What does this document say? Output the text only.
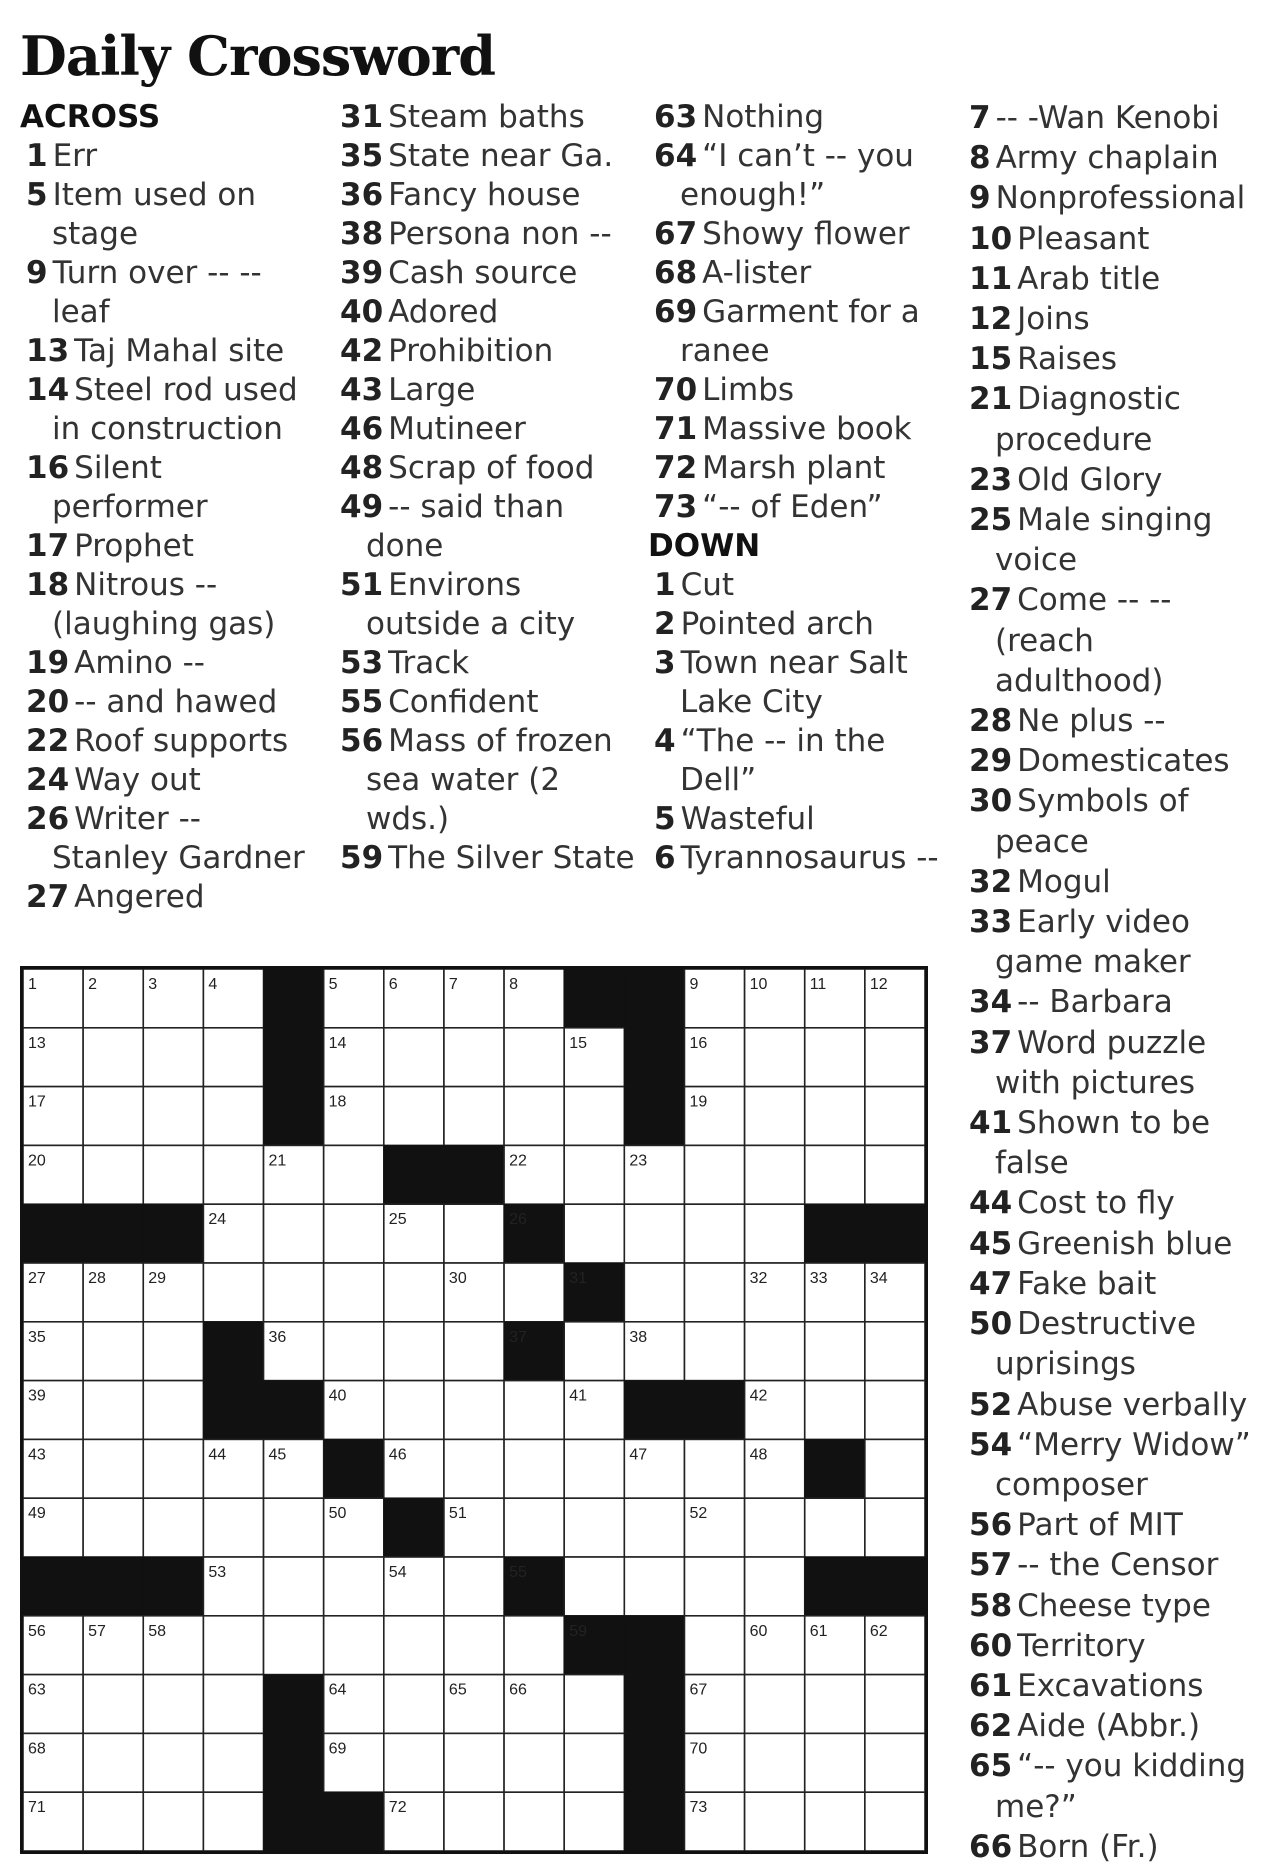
Daily Crossword
ACROSS
1 Err
5 Item used on stage
9 Turn over -- -- leaf
13 Taj Mahal site
14 Steel rod used in construction
16 Silent performer
17 Prophet
18 Nitrous -- (laughing gas)
19 Amino --
20 -- and hawed
22 Roof supports
24 Way out
26 Writer -- Stanley Gardner
27 Angered
31 Steam baths
35 State near Ga.
36 Fancy house
38 Persona non --
39 Cash source
40 Adored
42 Prohibition
43 Large
46 Mutineer
48 Scrap of food
49 -- said than done
51 Environs outside a city
53 Track
55 Confident
56 Mass of frozen sea water (2 wds.)
59 The Silver State
63 Nothing
64 “I can’t -- you enough!”
67 Showy flower
68 A-lister
69 Garment for a ranee
70 Limbs
71 Massive book
72 Marsh plant
73 “-- of Eden”
DOWN
1 Cut
2 Pointed arch
3 Town near Salt Lake City
4 “The -- in the Dell”
5 Wasteful
6 Tyrannosaurus --
7 -- -Wan Kenobi
8 Army chaplain
9 Nonprofessional
10 Pleasant
11 Arab title
12 Joins
15 Raises
21 Diagnostic procedure
23 Old Glory
25 Male singing voice
27 Come -- -- (reach adulthood)
28 Ne plus --
29 Domesticates
30 Symbols of peace
32 Mogul
33 Early video game maker
34 -- Barbara
37 Word puzzle with pictures
41 Shown to be false
44 Cost to fly
45 Greenish blue
47 Fake bait
50 Destructive uprisings
52 Abuse verbally
54 “Merry Widow” composer
56 Part of MIT
57 -- the Censor
58 Cheese type
60 Territory
61 Excavations
62 Aide (Abbr.)
65 “-- you kidding me?”
66 Born (Fr.)
1	2	3	4	5	6	7	8	9	10	11	12
13	14	15	16
17	18	19
20	21	22	23
24	25	26
27	28	29	30	31	32	33	34
35	36	37	38
39	40	41	42
43	44	45	46	47	48
49	50	51	52
53	54	55
56	57	58	59	60	61	62
63	64	65	66	67
68	69	70
71	72	73
